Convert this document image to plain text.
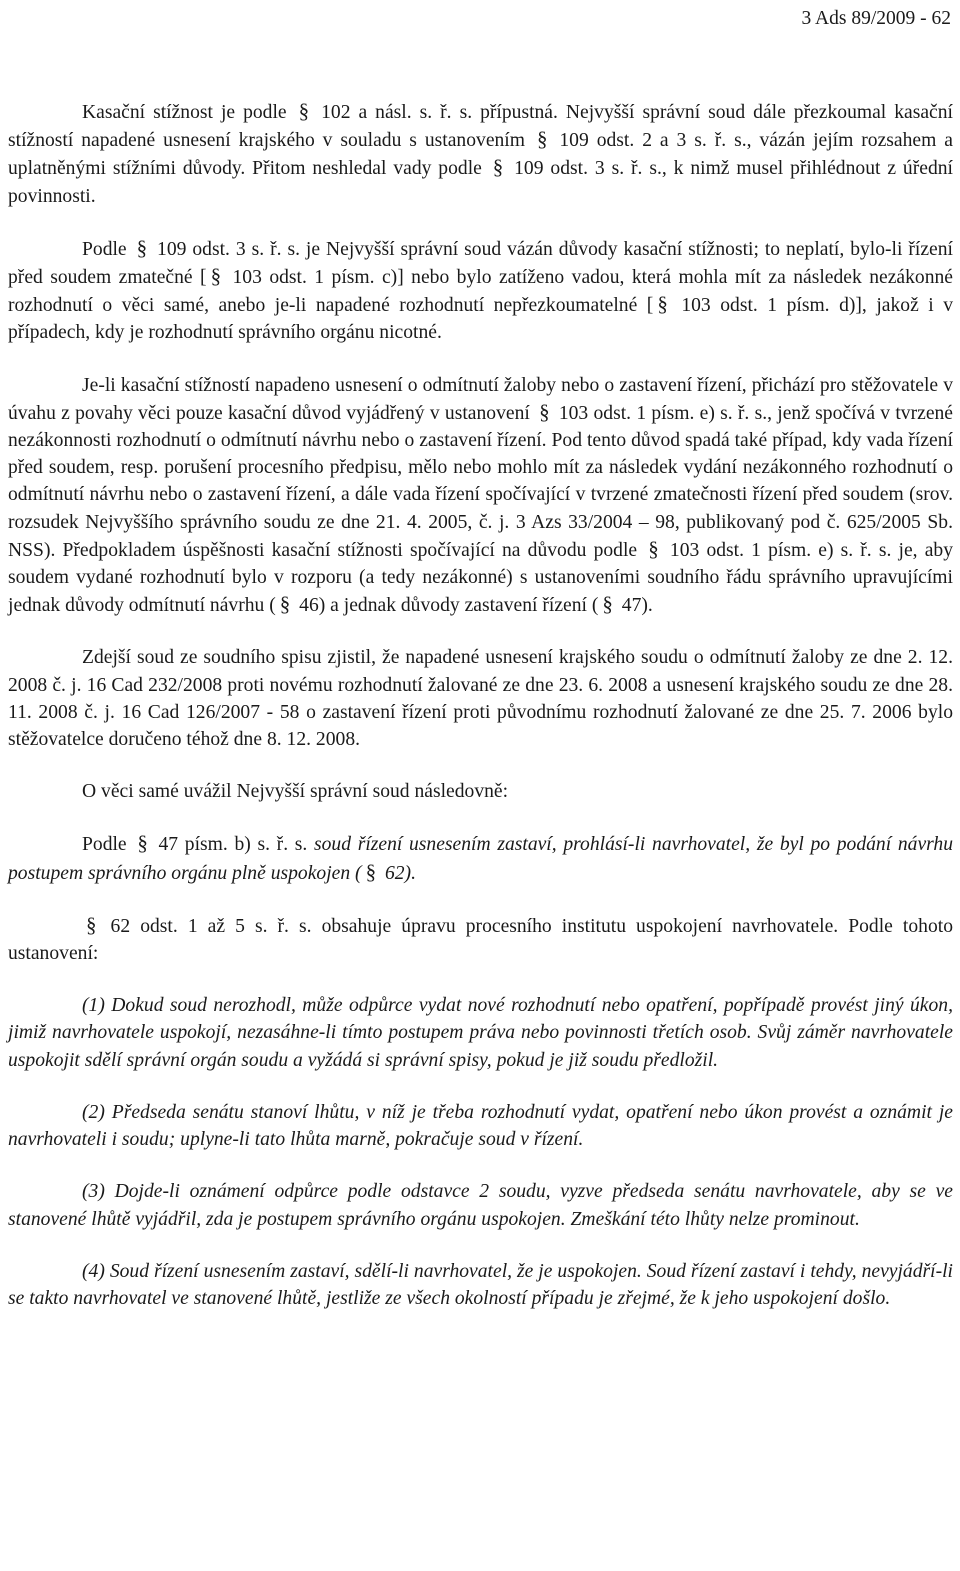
3 Ads 89/2009 - 62

Kasační stížnost je podle § 102 a násl. s. ř. s. přípustná. Nejvyšší správní soud dále přezkoumal kasační stížností napadené usnesení krajského v souladu s ustanovením § 109 odst. 2 a 3 s. ř. s., vázán jejím rozsahem a uplatněnými stížními důvody. Přitom neshledal vady podle § 109 odst. 3 s. ř. s., k nimž musel přihlédnout z úřední povinnosti.

Podle § 109 odst. 3 s. ř. s. je Nejvyšší správní soud vázán důvody kasační stížnosti; to neplatí, bylo-li řízení před soudem zmatečné [ § 103 odst. 1 písm. c)] nebo bylo zatíženo vadou, která mohla mít za následek nezákonné rozhodnutí o věci samé, anebo je-li napadené rozhodnutí nepřezkoumatelné [ § 103 odst. 1 písm. d)], jakož i v případech, kdy je rozhodnutí správního orgánu nicotné.

Je-li kasační stížností napadeno usnesení o odmítnutí žaloby nebo o zastavení řízení, přichází pro stěžovatele v úvahu z povahy věci pouze kasační důvod vyjádřený v ustanovení § 103 odst. 1 písm. e) s. ř. s., jenž spočívá v tvrzené nezákonnosti rozhodnutí o odmítnutí návrhu nebo o zastavení řízení. Pod tento důvod spadá také případ, kdy vada řízení před soudem, resp. porušení procesního předpisu, mělo nebo mohlo mít za následek vydání nezákonného rozhodnutí o odmítnutí návrhu nebo o zastavení řízení, a dále vada řízení spočívající v tvrzené zmatečnosti řízení před soudem (srov. rozsudek Nejvyššího správního soudu ze dne 21. 4. 2005, č. j. 3 Azs 33/2004 – 98, publikovaný pod č. 625/2005 Sb. NSS). Předpokladem úspěšnosti kasační stížnosti spočívající na důvodu podle § 103 odst. 1 písm. e) s. ř. s. je, aby soudem vydané rozhodnutí bylo v rozporu (a tedy nezákonné) s ustanoveními soudního řádu správního upravujícími jednak důvody odmítnutí návrhu ( § 46) a jednak důvody zastavení řízení ( § 47).

Zdejší soud ze soudního spisu zjistil, že napadené usnesení krajského soudu o odmítnutí žaloby ze dne 2. 12. 2008 č. j. 16 Cad 232/2008 proti novému rozhodnutí žalované ze dne 23. 6. 2008 a usnesení krajského soudu ze dne 28. 11. 2008 č. j. 16 Cad 126/2007 - 58 o zastavení řízení proti původnímu rozhodnutí žalované ze dne 25. 7. 2006 bylo stěžovatelce doručeno téhož dne 8. 12. 2008.

O věci samé uvážil Nejvyšší správní soud následovně:

Podle § 47 písm. b) s. ř. s. soud řízení usnesením zastaví, prohlásí-li navrhovatel, že byl po podání návrhu postupem správního orgánu plně uspokojen ( § 62).

§ 62 odst. 1 až 5 s. ř. s. obsahuje úpravu procesního institutu uspokojení navrhovatele. Podle tohoto ustanovení:

(1) Dokud soud nerozhodl, může odpůrce vydat nové rozhodnutí nebo opatření, popřípadě provést jiný úkon, jimiž navrhovatele uspokojí, nezasáhne-li tímto postupem práva nebo povinnosti třetích osob. Svůj záměr navrhovatele uspokojit sdělí správní orgán soudu a vyžádá si správní spisy, pokud je již soudu předložil.

(2) Předseda senátu stanoví lhůtu, v níž je třeba rozhodnutí vydat, opatření nebo úkon provést a oznámit je navrhovateli i soudu; uplyne-li tato lhůta marně, pokračuje soud v řízení.

(3) Dojde-li oznámení odpůrce podle odstavce 2 soudu, vyzve předseda senátu navrhovatele, aby se ve stanovené lhůtě vyjádřil, zda je postupem správního orgánu uspokojen. Zmeškání této lhůty nelze prominout.

(4) Soud řízení usnesením zastaví, sdělí-li navrhovatel, že je uspokojen. Soud řízení zastaví i tehdy, nevyjádří-li se takto navrhovatel ve stanovené lhůtě, jestliže ze všech okolností případu je zřejmé, že k jeho uspokojení došlo.
